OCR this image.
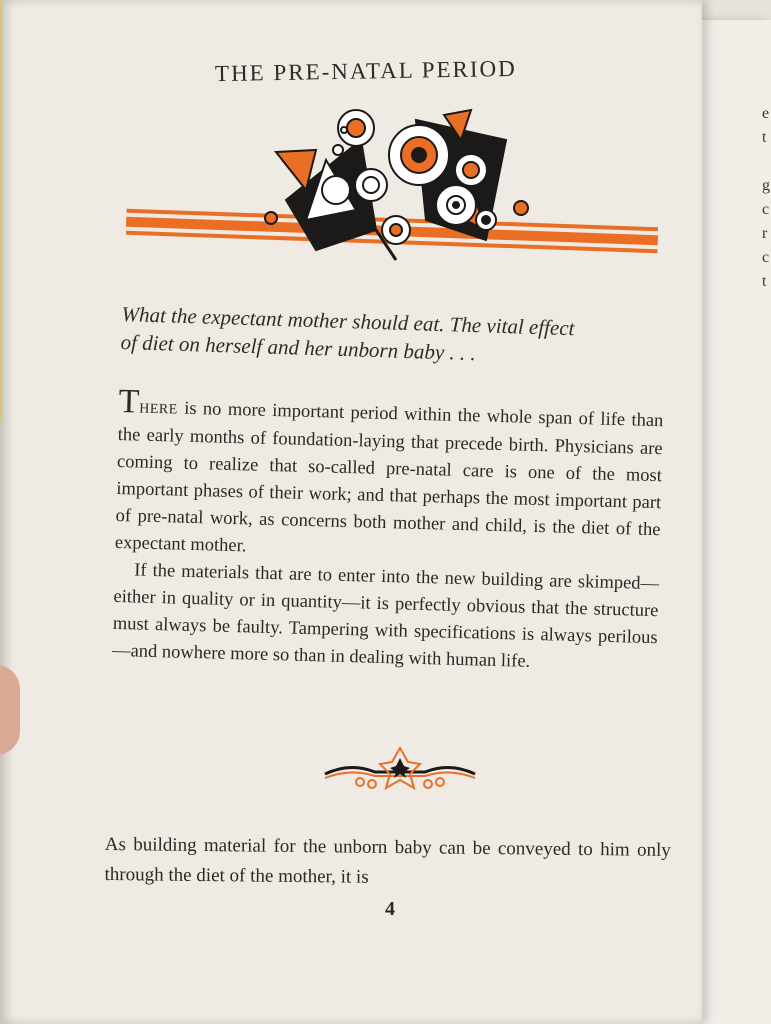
e
t

g
c
r
c
t
THE PRE-NATAL PERIOD
What the expectant mother should eat. The vital effect
of diet on herself and her unborn baby . . .

THERE is no more important period within the whole span of life than the early months of foundation-laying that precede birth. Physicians are coming to realize that so-called pre-natal care is one of the most important phases of their work; and that perhaps the most important part of pre-natal work, as concerns both mother and child, is the diet of the expectant mother.

If the materials that are to enter into the new building are skimped—either in quality or in quantity—it is perfectly obvious that the structure must always be faulty. Tampering with specifications is always perilous—and nowhere more so than in dealing with human life.

As building material for the unborn baby can be conveyed to him only through the diet of the mother, it is
4
